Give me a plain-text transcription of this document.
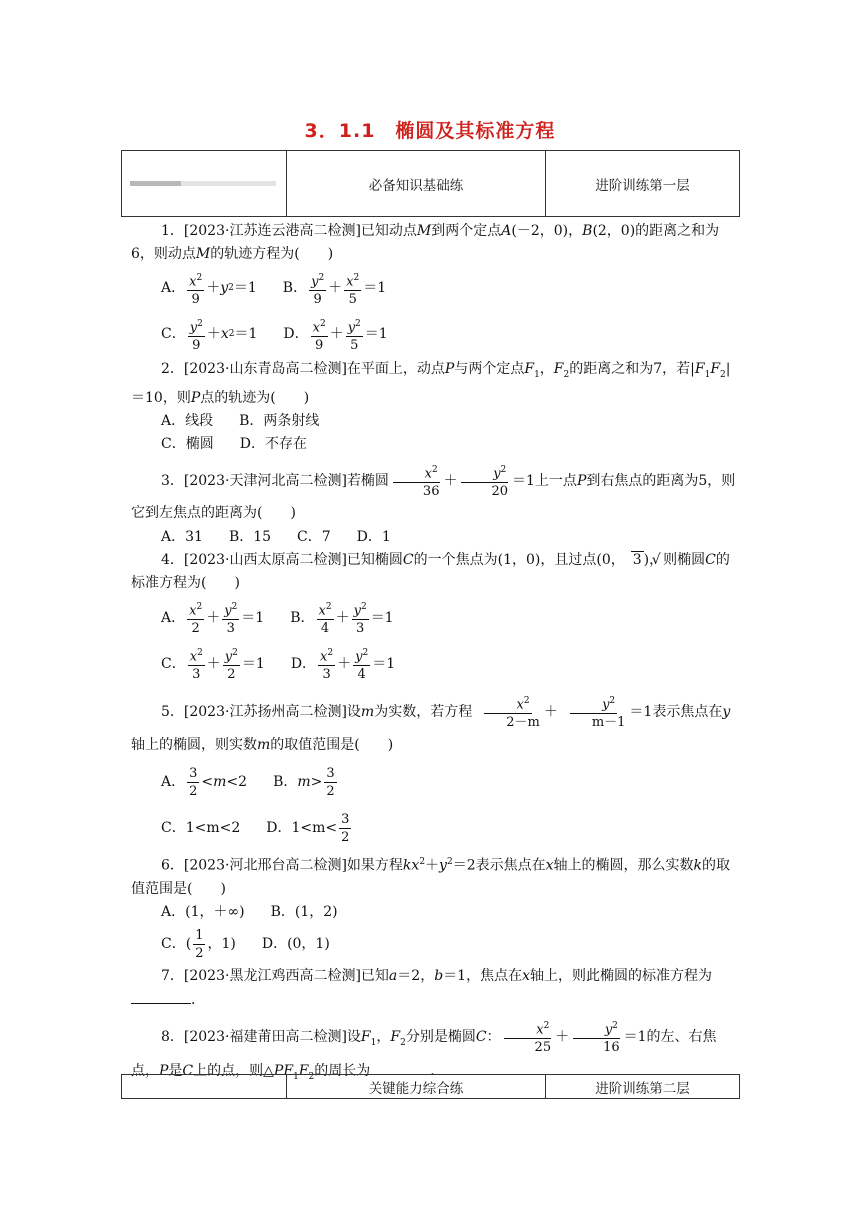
3．1.1　椭圆及其标准方程
	必备知识基础练	进阶训练第一层
1．[2023·江苏连云港高二检测]已知动点M到两个定点A(－2，0)，B(2，0)的距离之和为6，则动点M的轨迹方程为(　　)
A． $\frac{x^2}{9} + y$ 2 ＝1 B． $\frac{y^2}{9} + \frac{x^2}{5} =1$
C． $\frac{y^2}{9} + x$ 2 ＝1 D． $\frac{x^2}{9} + \frac{y^2}{5} =1$
2．[2023·山东青岛高二检测]在平面上，动点P与两个定点$F_1$，$F_2$的距离之和为7，若$|F_1F_2|=10$，则P点的轨迹为(　　)
A．线段 B．两条射线
C．椭圆 D．不存在
3．[2023·天津河北高二检测]若椭圆 $\frac{x^2}{36} + \frac{y^2}{20} =1$上一点P到右焦点的距离为5，则它到左焦点的距离为(　　)
A．31 B．15 C．7 D．1
4．[2023·山西太原高二检测]已知椭圆C的一个焦点为(1，0)，且过点(0，√ 3 )，则椭圆C的标准方程为(　　)
A． $\frac{x^2}{2} + \frac{y^2}{3} =1$ B． $\frac{x^2}{4} + \frac{y^2}{3} =1$
C． $\frac{x^2}{3} + \frac{y^2}{2} =1$ D． $\frac{x^2}{3} + \frac{y^2}{4} =1$
5．[2023·江苏扬州高二检测]设m为实数，若方程 $\frac{x^2}{2-m} + \frac{y^2}{m-1} =1$表示焦点在y轴上的椭圆，则实数m的取值范围是(　　)
A． $\frac{3}{2} < m <2$ B． $m > \frac{3}{2}$
C．1<m<2 D．$1<m< \frac{3}{2}$
6．[2023·河北邢台高二检测]如果方程$kx^2+y^2=2$表示焦点在x轴上的椭圆，那么实数k的取值范围是(　　)
A．(1，＋∞) B．(1，2)
C． ( $\frac{1}{2}$ ，1) D．(0，1)
7．[2023·黑龙江鸡西高二检测]已知a＝2，b＝1，焦点在x轴上，则此椭圆的标准方程为．
8．[2023·福建莆田高二检测]设$F_1$，$F_2$分别是椭圆C： $\frac{x^2}{25} + \frac{y^2}{16} =1$的左、右焦点，P是C上的点，则$\triangle PF_1F_2$的周长为	．
	关键能力综合练	进阶训练第二层
